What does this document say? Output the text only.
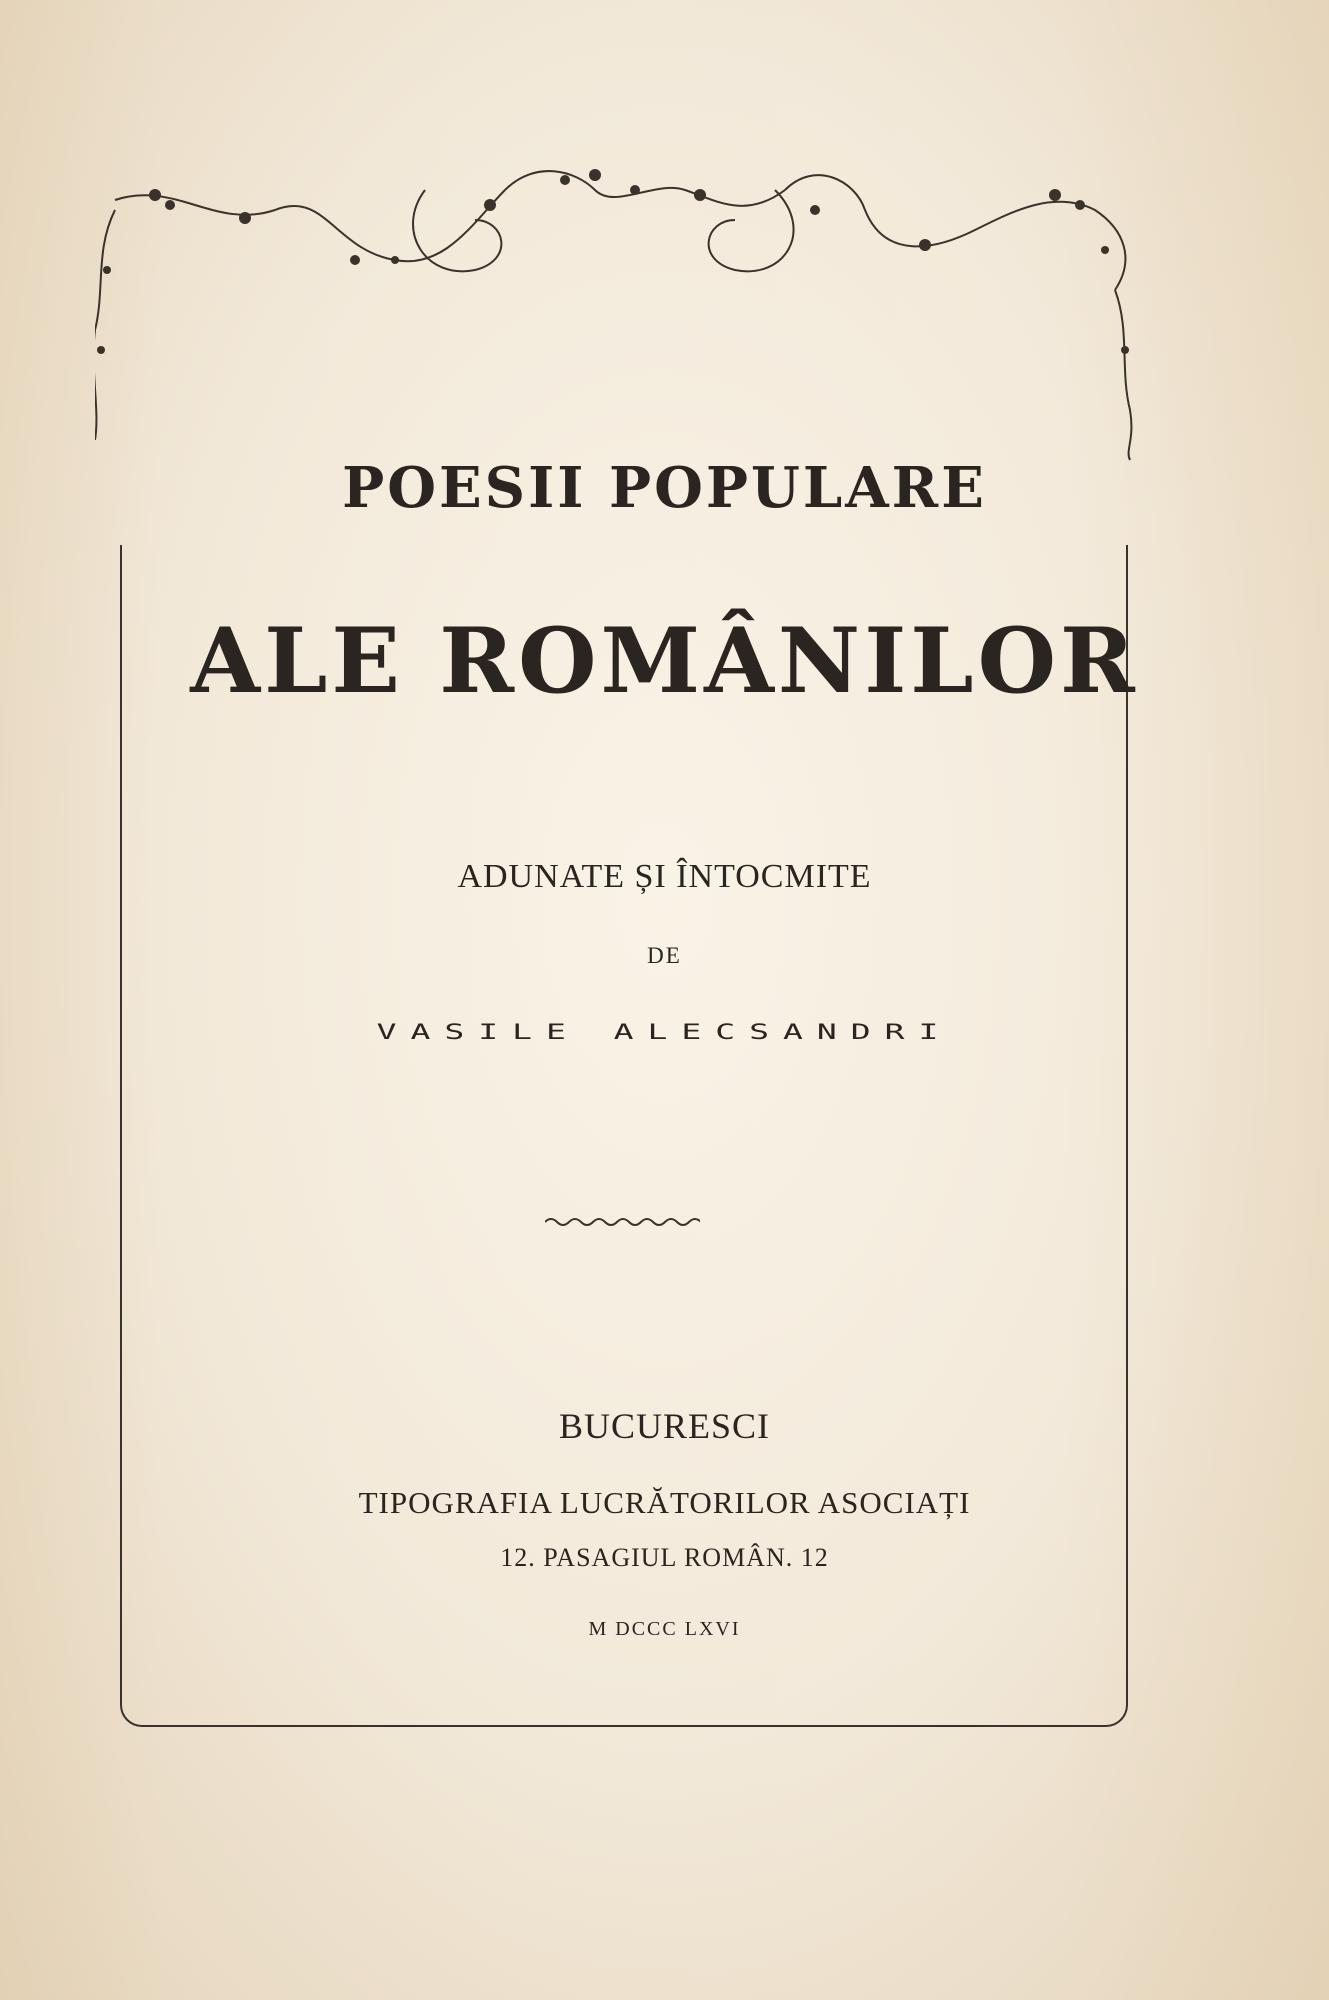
POESII POPULARE

ALE ROMÂNILOR

ADUNATE ȘI ÎNTOCMITE

DE

VASILE ALECSANDRI

BUCURESCI

TIPOGRAFIA LUCRĂTORILOR ASOCIAȚI

12. PASAGIUL ROMÂN. 12

M DCCC LXVI
